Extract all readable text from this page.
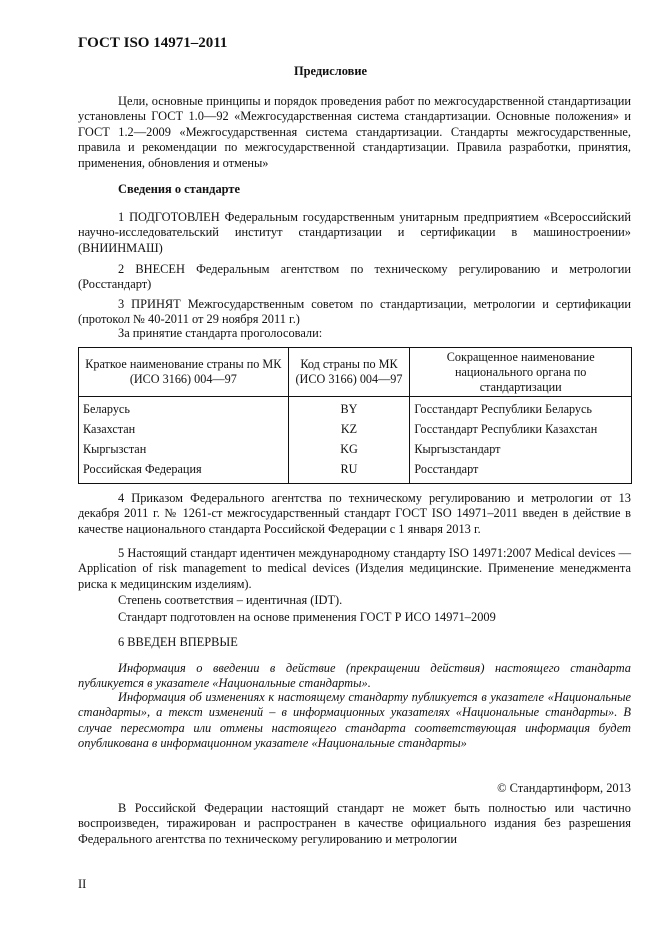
ГОСТ ISO 14971–2011
Предисловие

Цели, основные принципы и порядок проведения работ по межгосударственной стандартизации установлены ГОСТ 1.0—92 «Межгосударственная система стандартизации. Основные положения» и ГОСТ 1.2—2009 «Межгосударственная система стандартизации. Стандарты межгосударственные, правила и рекомендации по межгосударственной стандартизации. Правила разработки, принятия, применения, обновления и отмены»

Сведения о стандарте

1 ПОДГОТОВЛЕН Федеральным государственным унитарным предприятием «Всероссийский научно-исследовательский институт стандартизации и сертификации в машиностроении» (ВНИИНМАШ)

2 ВНЕСЕН Федеральным агентством по техническому регулированию и метрологии (Росстандарт)

3 ПРИНЯТ Межгосударственным советом по стандартизации, метрологии и сертификации (протокол № 40-2011 от 29 ноября 2011 г.)

За принятие стандарта проголосовали:
Краткое наименование страны по МК (ИСО 3166) 004—97	Код страны по МК (ИСО 3166) 004—97	Сокращенное наименование национального органа по стандартизации
Беларусь	BY	Госстандарт Республики Беларусь
Казахстан	KZ	Госстандарт Республики Казахстан
Кыргызстан	KG	Кыргызстандарт
Российская Федерация	RU	Росстандарт

4 Приказом Федерального агентства по техническому регулированию и метрологии от 13 декабря 2011 г. № 1261-ст межгосударственный стандарт ГОСТ ISO 14971–2011 введен в действие в качестве национального стандарта Российской Федерации с 1 января 2013 г.

5 Настоящий стандарт идентичен международному стандарту ISO 14971:2007 Medical devices — Application of risk management to medical devices (Изделия медицинские. Применение менеджмента риска к медицинским изделиям).

Степень соответствия – идентичная (IDT).
Стандарт подготовлен на основе применения ГОСТ Р ИСО 14971–2009
6 ВВЕДЕН ВПЕРВЫЕ

Информация о введении в действие (прекращении действия) настоящего стандарта публикуется в указателе «Национальные стандарты».

Информация об изменениях к настоящему стандарту публикуется в указателе «Национальные стандарты», а текст изменений – в информационных указателях «Национальные стандарты». В случае пересмотра или отмены настоящего стандарта соответствующая информация будет опубликована в информационном указателе «Национальные стандарты»

© Стандартинформ, 2013

В Российской Федерации настоящий стандарт не может быть полностью или частично воспроизведен, тиражирован и распространен в качестве официального издания без разрешения Федерального агентства по техническому регулированию и метрологии

II
